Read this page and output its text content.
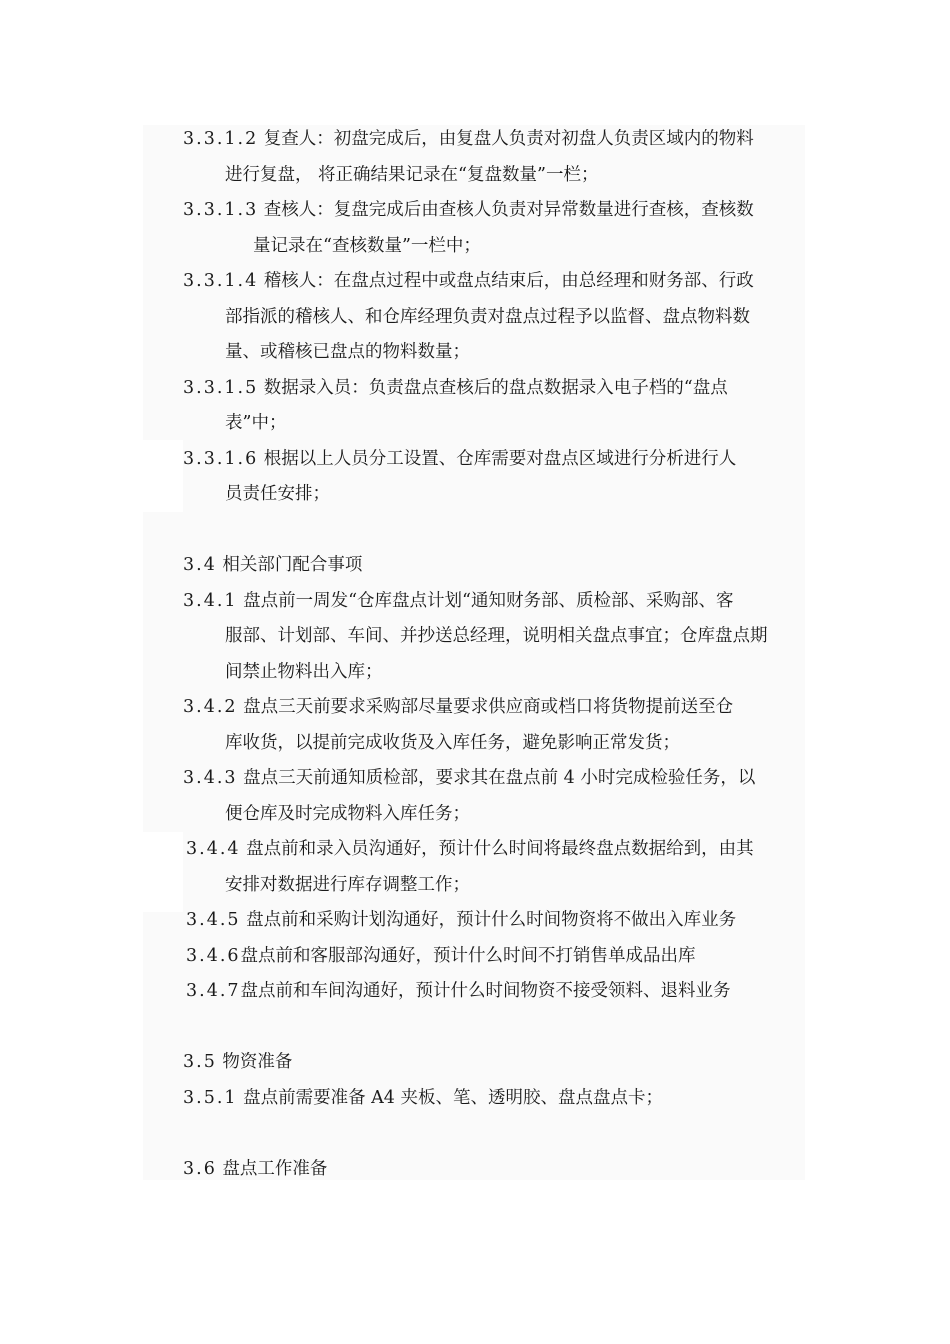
3.3.1.2 复查人：初盘完成后，由复盘人负责对初盘人负责区域内的物料
进行复盘， 将正确结果记录在“复盘数量”一栏；
3.3.1.3 查核人：复盘完成后由查核人负责对异常数量进行查核，查核数
量记录在“查核数量”一栏中；
3.3.1.4 稽核人：在盘点过程中或盘点结束后，由总经理和财务部、行政
部指派的稽核人、和仓库经理负责对盘点过程予以监督、盘点物料数
量、或稽核已盘点的物料数量；
3.3.1.5 数据录入员：负责盘点查核后的盘点数据录入电子档的“盘点
表”中；
3.3.1.6 根据以上人员分工设置、仓库需要对盘点区域进行分析进行人
员责任安排；
3.4 相关部门配合事项
3.4.1 盘点前一周发“仓库盘点计划“通知财务部、质检部、采购部、客
服部、计划部、车间、并抄送总经理，说明相关盘点事宜；仓库盘点期
间禁止物料出入库；
3.4.2 盘点三天前要求采购部尽量要求供应商或档口将货物提前送至仓
库收货，以提前完成收货及入库任务，避免影响正常发货；
3.4.3 盘点三天前通知质检部，要求其在盘点前 4 小时完成检验任务，以
便仓库及时完成物料入库任务；
3.4.4 盘点前和录入员沟通好，预计什么时间将最终盘点数据给到，由其
安排对数据进行库存调整工作；
3.4.5 盘点前和采购计划沟通好，预计什么时间物资将不做出入库业务
3.4.6盘点前和客服部沟通好，预计什么时间不打销售单成品出库
3.4.7盘点前和车间沟通好，预计什么时间物资不接受领料、退料业务
3.5 物资准备
3.5.1 盘点前需要准备 A4 夹板、笔、透明胶、盘点盘点卡；
3.6 盘点工作准备
